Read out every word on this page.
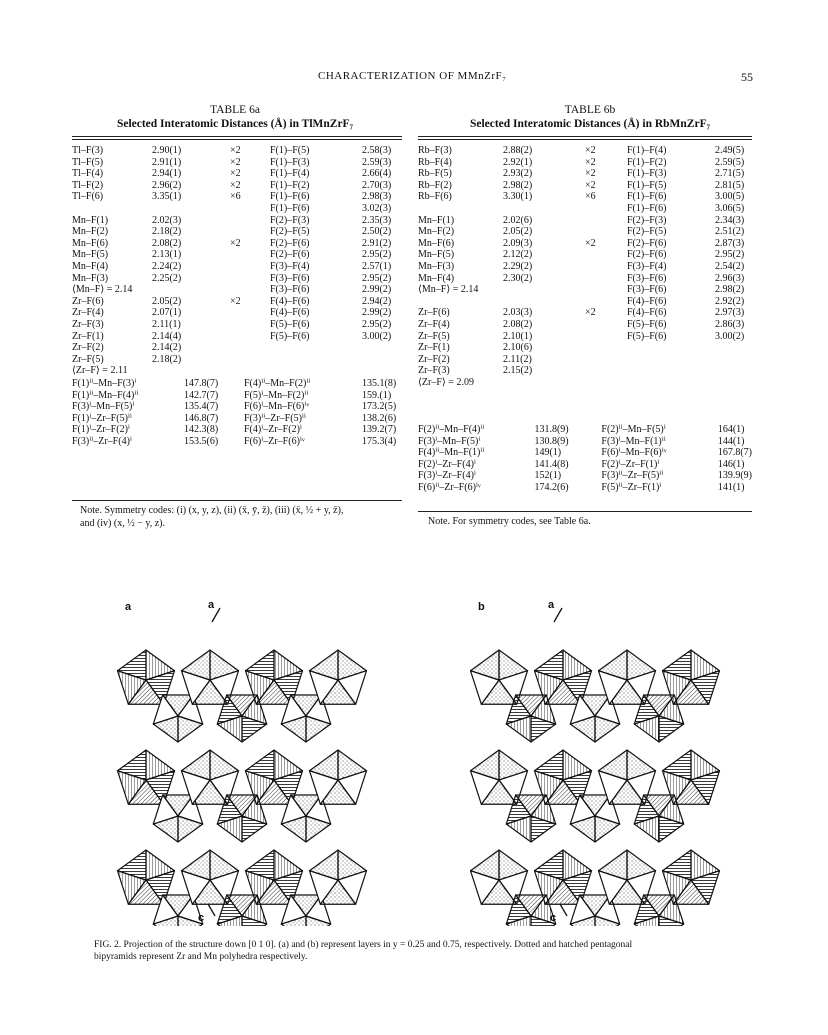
CHARACTERIZATION OF MMnZrF₇	55
TABLE 6a
Selected Interatomic Distances (Å) in TlMnZrF₇
TABLE 6b
Selected Interatomic Distances (Å) in RbMnZrF₇
Tl–F(3)	2.90(1)	×2	F(1)–F(5)	2.58(3)
Tl–F(5)	2.91(1)	×2	F(1)–F(3)	2.59(3)
Tl–F(4)	2.94(1)	×2	F(1)–F(4)	2.66(4)
Tl–F(2)	2.96(2)	×2	F(1)–F(2)	2.70(3)
Tl–F(6)	3.35(1)	×6	F(1)–F(6)	2.98(3)
			F(1)–F(6)	3.02(3)
Mn–F(1)	2.02(3)		F(2)–F(3)	2.35(3)
Mn–F(2)	2.18(2)		F(2)–F(5)	2.50(2)
Mn–F(6)	2.08(2)	×2	F(2)–F(6)	2.91(2)
Mn–F(5)	2.13(1)		F(2)–F(6)	2.95(2)
Mn–F(4)	2.24(2)		F(3)–F(4)	2.57(1)
Mn–F(3)	2.25(2)		F(3)–F(6)	2.95(2)
⟨Mn–F⟩ = 2.14			F(3)–F(6)	2.99(2)
Zr–F(6)	2.05(2)	×2	F(4)–F(6)	2.94(2)
Zr–F(4)	2.07(1)		F(4)–F(6)	2.99(2)
Zr–F(3)	2.11(1)		F(5)–F(6)	2.95(2)
Zr–F(1)	2.14(4)		F(5)–F(6)	3.00(2)
Zr–F(2)	2.14(2)			
Zr–F(5)	2.18(2)			
⟨Zr–F⟩ = 2.11				
F(1)ⁱⁱ–Mn–F(3)ⁱ	147.8(7)	F(4)ⁱⁱ–Mn–F(2)ⁱⁱ	135.1(8)
F(1)ⁱⁱ–Mn–F(4)ⁱⁱ	142.7(7)	F(5)ⁱ–Mn–F(2)ⁱⁱ	159.(1)
F(3)ⁱ–Mn–F(5)ⁱ	135.4(7)	F(6)ⁱ–Mn–F(6)ⁱᵛ	173.2(5)
F(1)ⁱ–Zr–F(5)ⁱⁱ	146.8(7)	F(3)ⁱⁱ–Zr–F(5)ⁱⁱ	138.2(6)
F(1)ⁱ–Zr–F(2)ⁱ	142.3(8)	F(4)ⁱ–Zr–F(2)ⁱ	139.2(7)
F(3)ⁱⁱ–Zr–F(4)ⁱ	153.5(6)	F(6)ⁱ–Zr–F(6)ⁱᵛ	175.3(4)
Note. Symmetry codes: (i) (x, y, z), (ii) (x̄, ȳ, z̄), (iii) (x̄, ½ + y, z̄),
and (iv) (x, ½ − y, z).
Rb–F(3)	2.88(2)	×2	F(1)–F(4)	2.49(5)
Rb–F(4)	2.92(1)	×2	F(1)–F(2)	2.59(5)
Rb–F(5)	2.93(2)	×2	F(1)–F(3)	2.71(5)
Rb–F(2)	2.98(2)	×2	F(1)–F(5)	2.81(5)
Rb–F(6)	3.30(1)	×6	F(1)–F(6)	3.00(5)
			F(1)–F(6)	3.06(5)
Mn–F(1)	2.02(6)		F(2)–F(3)	2.34(3)
Mn–F(2)	2.05(2)		F(2)–F(5)	2.51(2)
Mn–F(6)	2.09(3)	×2	F(2)–F(6)	2.87(3)
Mn–F(5)	2.12(2)		F(2)–F(6)	2.95(2)
Mn–F(3)	2.29(2)		F(3)–F(4)	2.54(2)
Mn–F(4)	2.30(2)		F(3)–F(6)	2.96(3)
⟨Mn–F⟩ = 2.14			F(3)–F(6)	2.98(2)
			F(4)–F(6)	2.92(2)
Zr–F(6)	2.03(3)	×2	F(4)–F(6)	2.97(3)
Zr–F(4)	2.08(2)		F(5)–F(6)	2.86(3)
Zr–F(5)	2.10(1)		F(5)–F(6)	3.00(2)
Zr–F(1)	2.10(6)			
Zr–F(2)	2.11(2)			
Zr–F(3)	2.15(2)			
⟨Zr–F⟩ = 2.09				
F(2)ⁱⁱ–Mn–F(4)ⁱⁱ	131.8(9)	F(2)ⁱⁱ–Mn–F(5)ⁱ	164(1)
F(3)ⁱ–Mn–F(5)ⁱ	130.8(9)	F(3)ⁱ–Mn–F(1)ⁱⁱ	144(1)
F(4)ⁱⁱ–Mn–F(1)ⁱⁱ	149(1)	F(6)ⁱ–Mn–F(6)ⁱᵛ	167.8(7)
F(2)ⁱ–Zr–F(4)ⁱ	141.4(8)	F(2)ⁱ–Zr–F(1)ⁱ	146(1)
F(3)ⁱ–Zr–F(4)ⁱ	152(1)	F(3)ⁱⁱ–Zr–F(5)ⁱⁱ	139.9(9)
F(6)ⁱⁱ–Zr–F(6)ⁱᵛ	174.2(6)	F(5)ⁱⁱ–Zr–F(1)ⁱ	141(1)
Note. For symmetry codes, see Table 6a.
a	b
a	a
c	c
FIG. 2. Projection of the structure down [0 1 0]. (a) and (b) represent layers in y = 0.25 and 0.75, respectively. Dotted and hatched pentagonal
bipyramids represent Zr and Mn polyhedra respectively.
